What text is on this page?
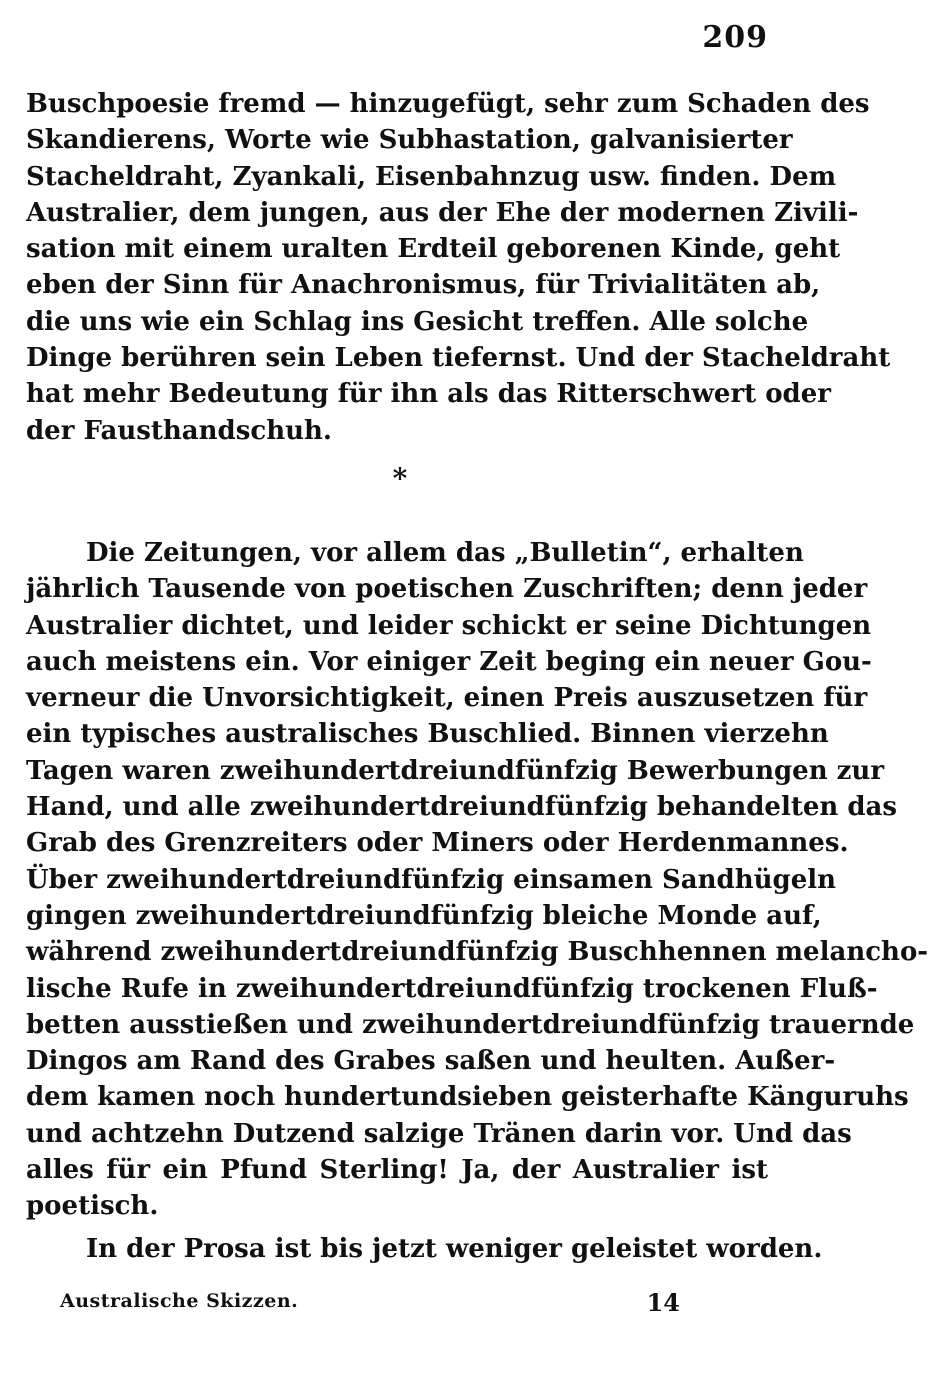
209
Buschpoesie fremd — hinzugefügt, sehr zum Schaden des
Skandierens, Worte wie Subhastation, galvanisierter
Stacheldraht, Zyankali, Eisenbahnzug usw. finden. Dem
Australier, dem jungen, aus der Ehe der modernen Zivili-
sation mit einem uralten Erdteil geborenen Kinde, geht
eben der Sinn für Anachronismus, für Trivialitäten ab,
die uns wie ein Schlag ins Gesicht treffen. Alle solche
Dinge berühren sein Leben tiefernst. Und der Stacheldraht
hat mehr Bedeutung für ihn als das Ritterschwert oder
der Fausthandschuh.
*
Die Zeitungen, vor allem das „Bulletin“, erhalten
jährlich Tausende von poetischen Zuschriften; denn jeder
Australier dichtet, und leider schickt er seine Dichtungen
auch meistens ein. Vor einiger Zeit beging ein neuer Gou-
verneur die Unvorsichtigkeit, einen Preis auszusetzen für
ein typisches australisches Buschlied. Binnen vierzehn
Tagen waren zweihundertdreiundfünfzig Bewerbungen zur
Hand, und alle zweihundertdreiundfünfzig behandelten das
Grab des Grenzreiters oder Miners oder Herdenmannes.
Über zweihundertdreiundfünfzig einsamen Sandhügeln
gingen zweihundertdreiundfünfzig bleiche Monde auf,
während zweihundertdreiundfünfzig Buschhennen melancho-
lische Rufe in zweihundertdreiundfünfzig trockenen Fluß-
betten ausstießen und zweihundertdreiundfünfzig trauernde
Dingos am Rand des Grabes saßen und heulten. Außer-
dem kamen noch hundertundsieben geisterhafte Känguruhs
und achtzehn Dutzend salzige Tränen darin vor. Und das
alles für ein Pfund Sterling! Ja, der Australier ist
poetisch.
In der Prosa ist bis jetzt weniger geleistet worden.
Australische Skizzen.	14
